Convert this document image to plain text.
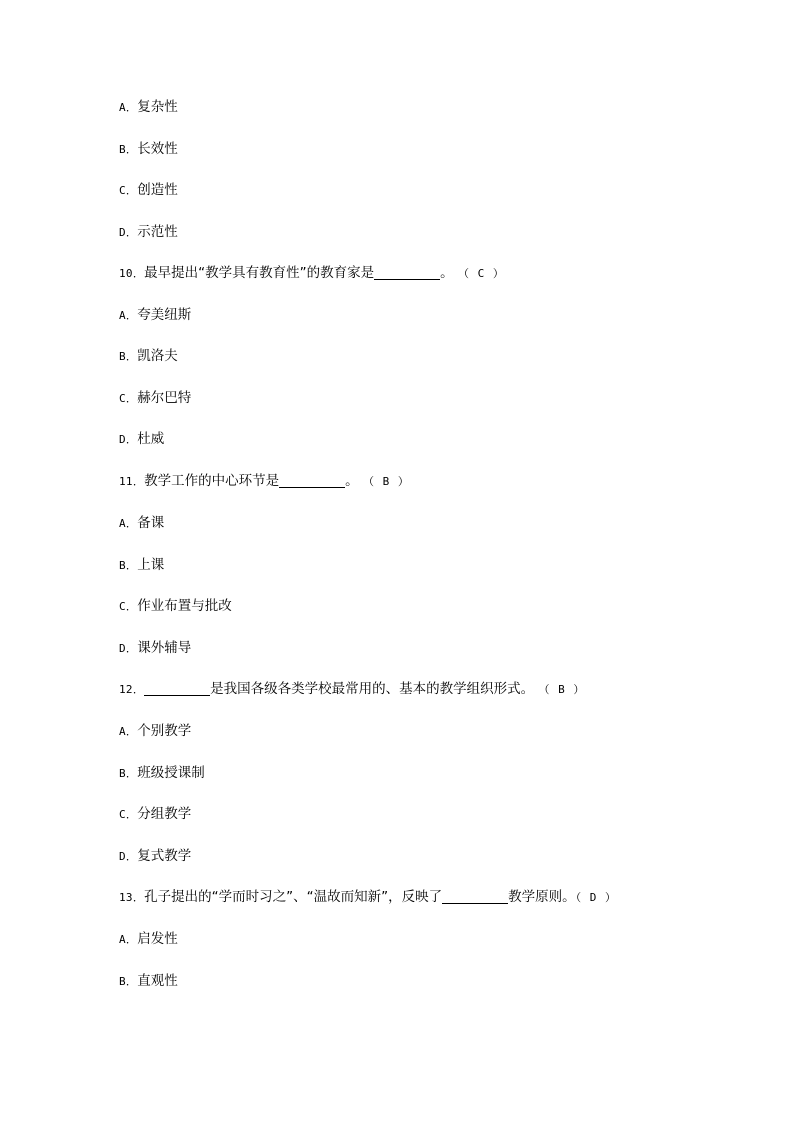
A．复杂性
B．长效性
C．创造性
D．示范性
10．最早提出“教学具有教育性”的教育家是	。 （ C ）
A．夸美纽斯
B．凯洛夫
C．赫尔巴特
D．杜威
11．教学工作的中心环节是	。 （ B ）
A．备课
B．上课
C．作业布置与批改
D．课外辅导
12．	是我国各级各类学校最常用的、基本的教学组织形式。 （ B ）
A．个别教学
B．班级授课制
C．分组教学
D．复式教学
13．孔子提出的“学而时习之”、“温故而知新”，反映了	教学原则。（ D ）
A．启发性
B．直观性
